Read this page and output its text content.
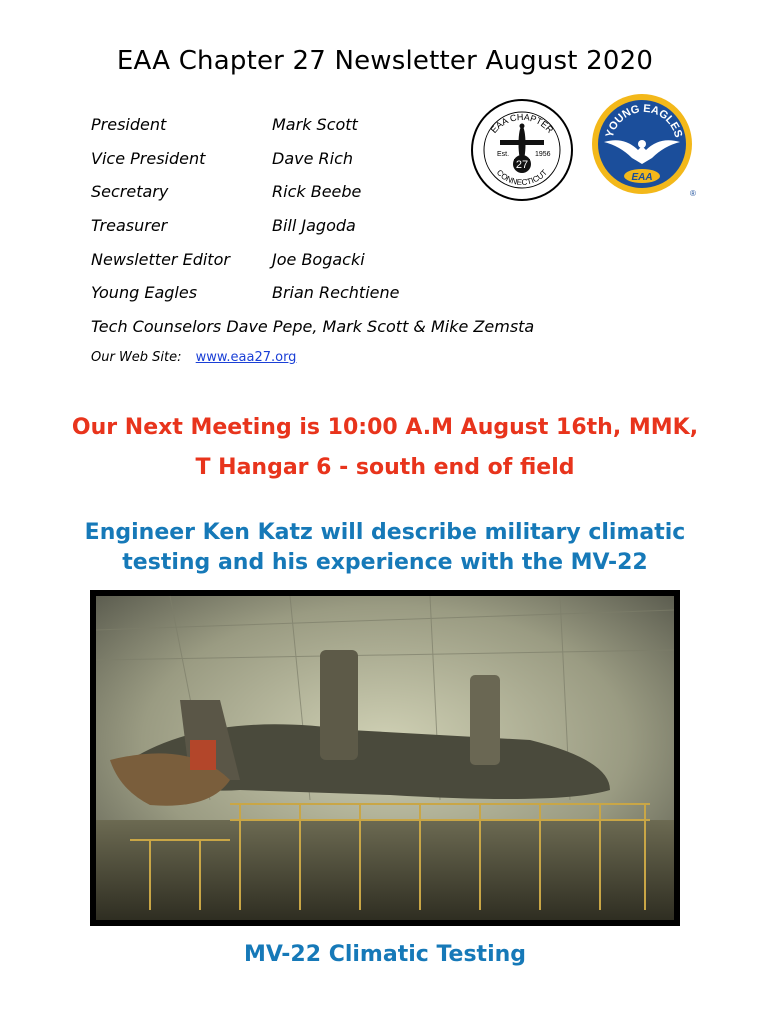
EAA Chapter 27 Newsletter August 2020
President	Mark Scott
Vice President	Dave Rich
Secretary	Rick Beebe
Treasurer	Bill Jagoda
Newsletter Editor	Joe Bogacki
Young Eagles	Brian Rechtiene
Tech Counselors Dave Pepe, Mark Scott & Mike Zemsta
Our Web Site: www.eaa27.org
EAA CHAPTER
CONNECTICUT
27
Est.	1956
YOUNG EAGLES
EAA
®
Our Next Meeting is 10:00 A.M August 16th, MMK,
T Hangar 6 - south end of field
Engineer Ken Katz will describe military climatic testing and his experience with the MV-22
MV-22 Climatic Testing
